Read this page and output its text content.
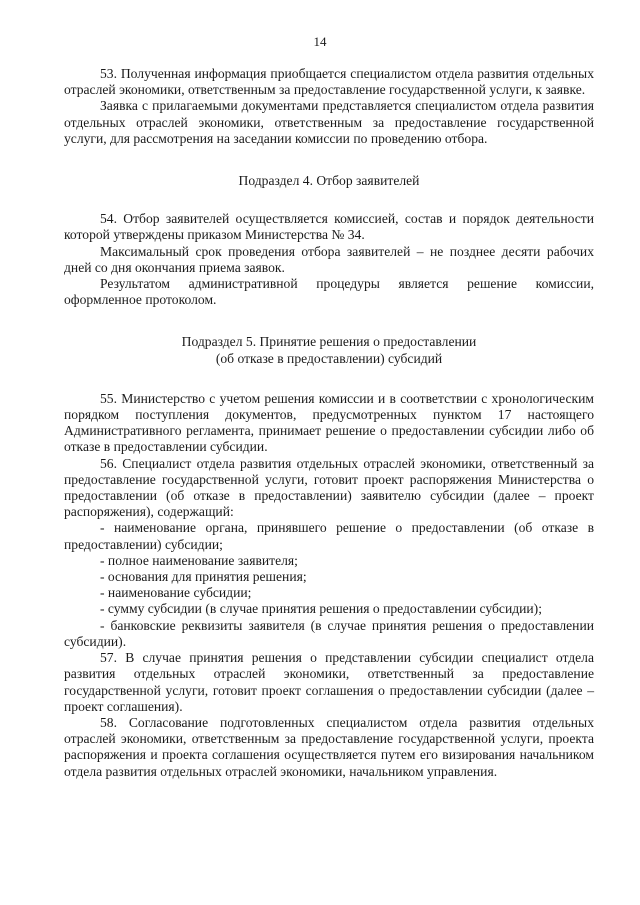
14

53. Полученная информация приобщается специалистом отдела развития отдельных отраслей экономики, ответственным за предоставление государственной услуги, к заявке.

Заявка с прилагаемыми документами представляется специалистом отдела развития отдельных отраслей экономики, ответственным за предоставление государственной услуги, для рассмотрения на заседании комиссии по проведению отбора.

Подраздел 4. Отбор заявителей

54. Отбор заявителей осуществляется комиссией, состав и порядок деятельности которой утверждены приказом Министерства № 34.

Максимальный срок проведения отбора заявителей – не позднее десяти рабочих дней со дня окончания приема заявок.

Результатом административной процедуры является решение комиссии, оформленное протоколом.

Подраздел 5. Принятие решения о предоставлении

(об отказе в предоставлении) субсидий

55. Министерство с учетом решения комиссии и в соответствии с хронологическим порядком поступления документов, предусмотренных пунктом 17 настоящего Административного регламента, принимает решение о предоставлении субсидии либо об отказе в предоставлении субсидии.

56. Специалист отдела развития отдельных отраслей экономики, ответственный за предоставление государственной услуги, готовит проект распоряжения Министерства о предоставлении (об отказе в предоставлении) заявителю субсидии (далее – проект распоряжения), содержащий:

- наименование органа, принявшего решение о предоставлении (об отказе в предоставлении) субсидии;

- полное наименование заявителя;

- основания для принятия решения;

- наименование субсидии;

- сумму субсидии (в случае принятия решения о предоставлении субсидии);

- банковские реквизиты заявителя (в случае принятия решения о предоставлении субсидии).

57. В случае принятия решения о представлении субсидии специалист отдела развития отдельных отраслей экономики, ответственный за предоставление государственной услуги, готовит проект соглашения о предоставлении субсидии (далее – проект соглашения).

58. Согласование подготовленных специалистом отдела развития отдельных отраслей экономики, ответственным за предоставление государственной услуги, проекта распоряжения и проекта соглашения осуществляется путем его визирования начальником отдела развития отдельных отраслей экономики, начальником управления.
